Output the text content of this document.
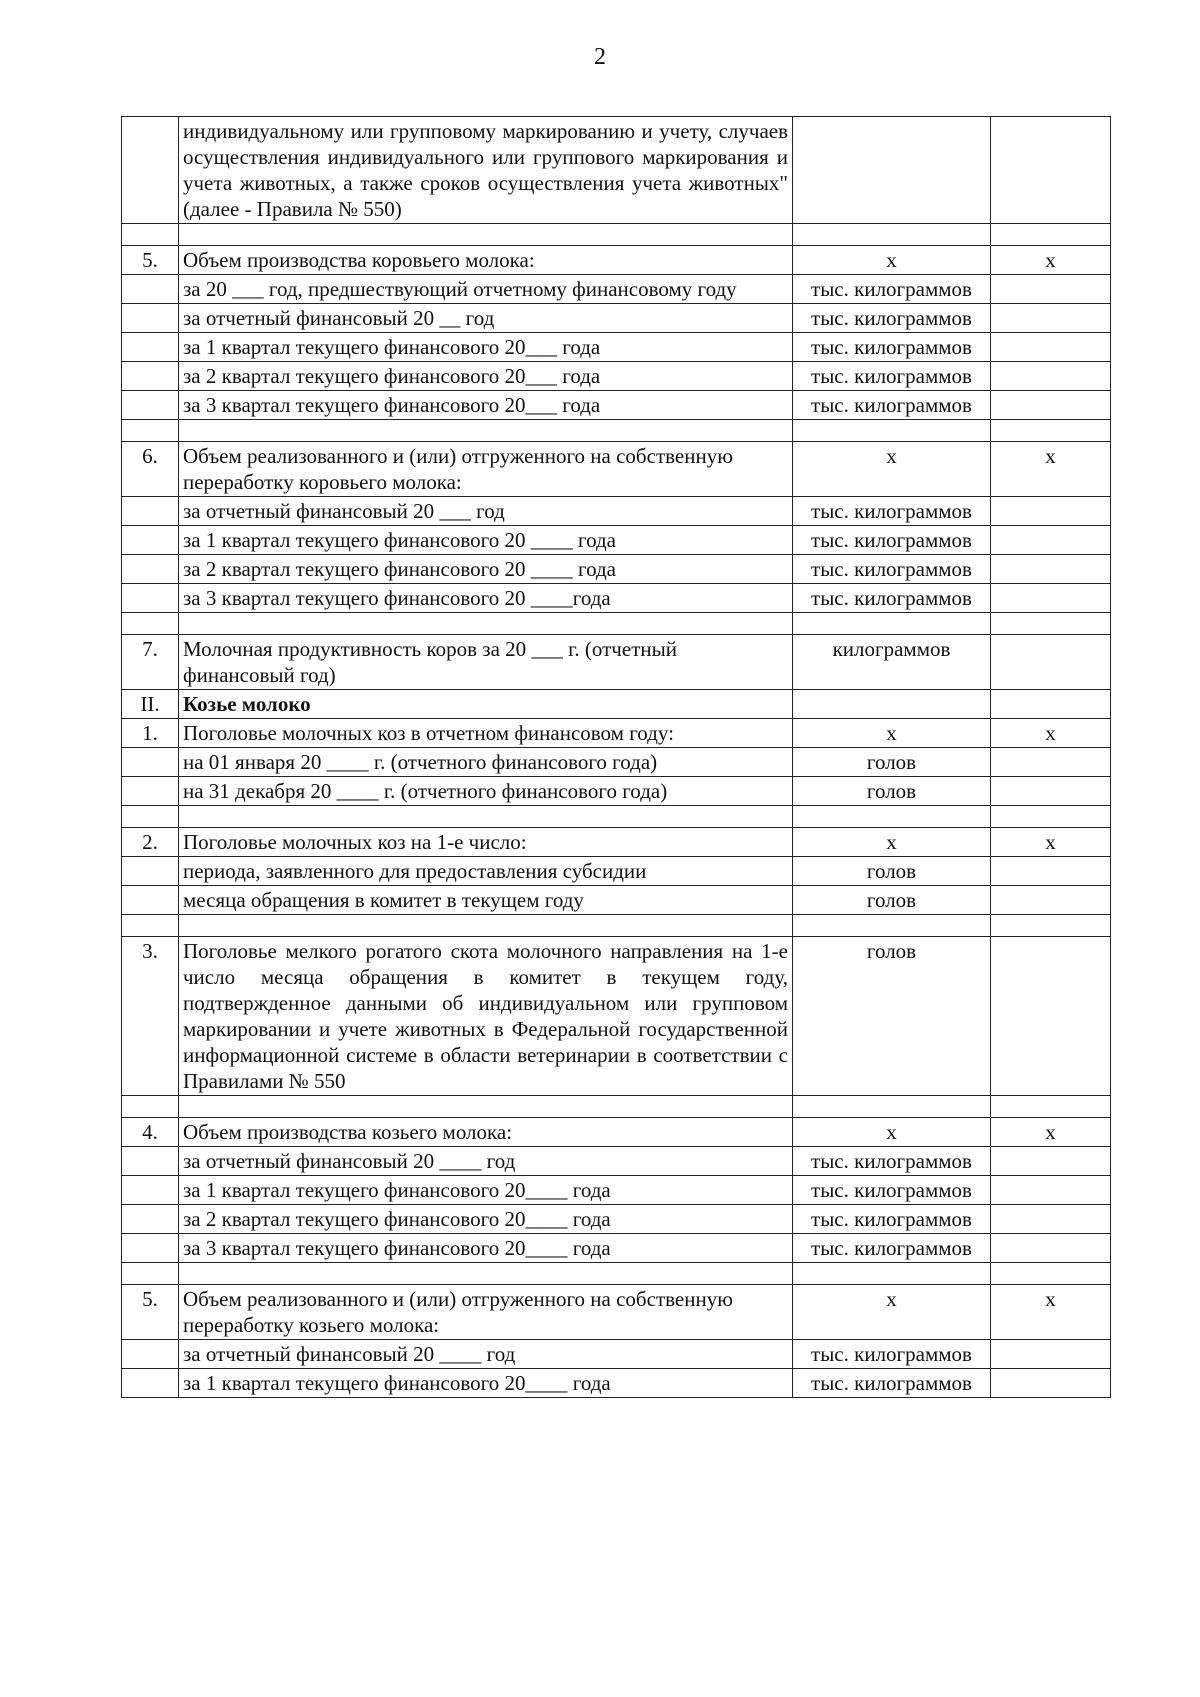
2
	индивидуальному или групповому маркированию и учету, случаев осуществления индивидуального или группового маркирования и учета животных, а также сроков осуществления учета животных" (далее - Правила № 550)		

5.	Объем производства коровьего молока:	х	х
	за 20 ___ год, предшествующий отчетному финансовому году	тыс. килограммов	
	за отчетный финансовый 20 __ год	тыс. килограммов	
	за 1 квартал текущего финансового 20___ года	тыс. килограммов	
	за 2 квартал текущего финансового 20___ года	тыс. килограммов	
	за 3 квартал текущего финансового 20___ года	тыс. килограммов	

6.	Объем реализованного и (или) отгруженного на собственную переработку коровьего молока:	х	х
	за отчетный финансовый 20 ___ год	тыс. килограммов	
	за 1 квартал текущего финансового 20 ____ года	тыс. килограммов	
	за 2 квартал текущего финансового 20 ____ года	тыс. килограммов	
	за 3 квартал текущего финансового 20 ____года	тыс. килограммов	

7.	Молочная продуктивность коров за 20 ___ г. (отчетный финансовый год)	килограммов	
II.	Козье молоко		
1.	Поголовье молочных коз в отчетном финансовом году:	х	х
	на 01 января 20 ____ г. (отчетного финансового года)	голов	
	на 31 декабря 20 ____ г. (отчетного финансового года)	голов	

2.	Поголовье молочных коз на 1-е число:	х	х
	периода, заявленного для предоставления субсидии	голов	
	месяца обращения в комитет в текущем году	голов	

3.	Поголовье мелкого рогатого скота молочного направления на 1-е число месяца обращения в комитет в текущем году, подтвержденное данными об индивидуальном или групповом маркировании и учете животных в Федеральной государственной информационной системе в области ветеринарии в соответствии с Правилами № 550	голов	

4.	Объем производства козьего молока:	х	х
	за отчетный финансовый 20 ____ год	тыс. килограммов	
	за 1 квартал текущего финансового 20____ года	тыс. килограммов	
	за 2 квартал текущего финансового 20____ года	тыс. килограммов	
	за 3 квартал текущего финансового 20____ года	тыс. килограммов	

5.	Объем реализованного и (или) отгруженного на собственную переработку козьего молока:	х	х
	за отчетный финансовый 20 ____ год	тыс. килограммов	
	за 1 квартал текущего финансового 20____ года	тыс. килограммов	
